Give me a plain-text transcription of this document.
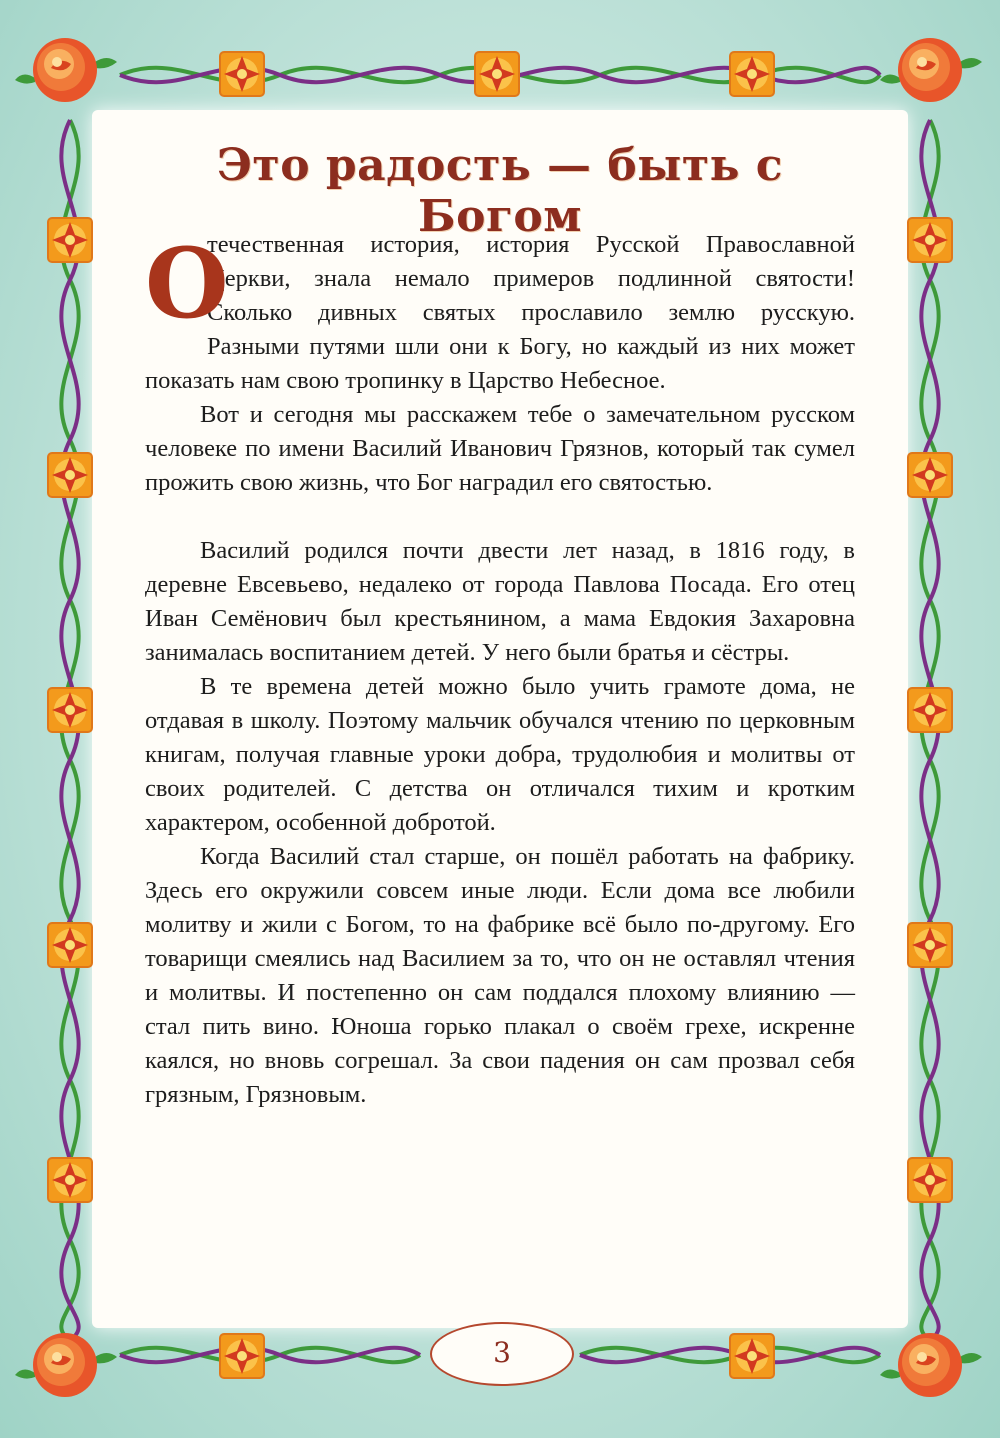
Это радость — быть с Богом

О
течественная история, история Русской Православной Церкви, знала немало примеров подлинной святости! Сколько дивных святых прославило землю русскую. Разными путями шли они к Богу, но каждый из них может показать нам свою тропинку в Царство Небесное.

Вот и сегодня мы расскажем тебе о замечательном русском человеке по имени Василий Иванович Грязнов, который так сумел прожить свою жизнь, что Бог наградил его святостью.

Василий родился почти двести лет назад, в 1816 году, в деревне Евсевьево, недалеко от города Павлова Посада. Его отец Иван Семёнович был крестьянином, а мама Евдокия Захаровна занималась воспитанием детей. У него были братья и сёстры.

В те времена детей можно было учить грамоте дома, не отдавая в школу. Поэтому мальчик обучался чтению по церковным книгам, получая главные уроки добра, трудолюбия и молитвы от своих родителей. С детства он отличался тихим и кротким характером, особенной добротой.

Когда Василий стал старше, он пошёл работать на фабрику. Здесь его окружили совсем иные люди. Если дома все любили молитву и жили с Богом, то на фабрике всё было по-другому. Его товарищи смеялись над Василием за то, что он не оставлял чтения и молитвы. И постепенно он сам поддался плохому влиянию — стал пить вино. Юноша горько плакал о своём грехе, искренне каялся, но вновь согрешал. За свои падения он сам прозвал себя грязным, Грязновым.

3
